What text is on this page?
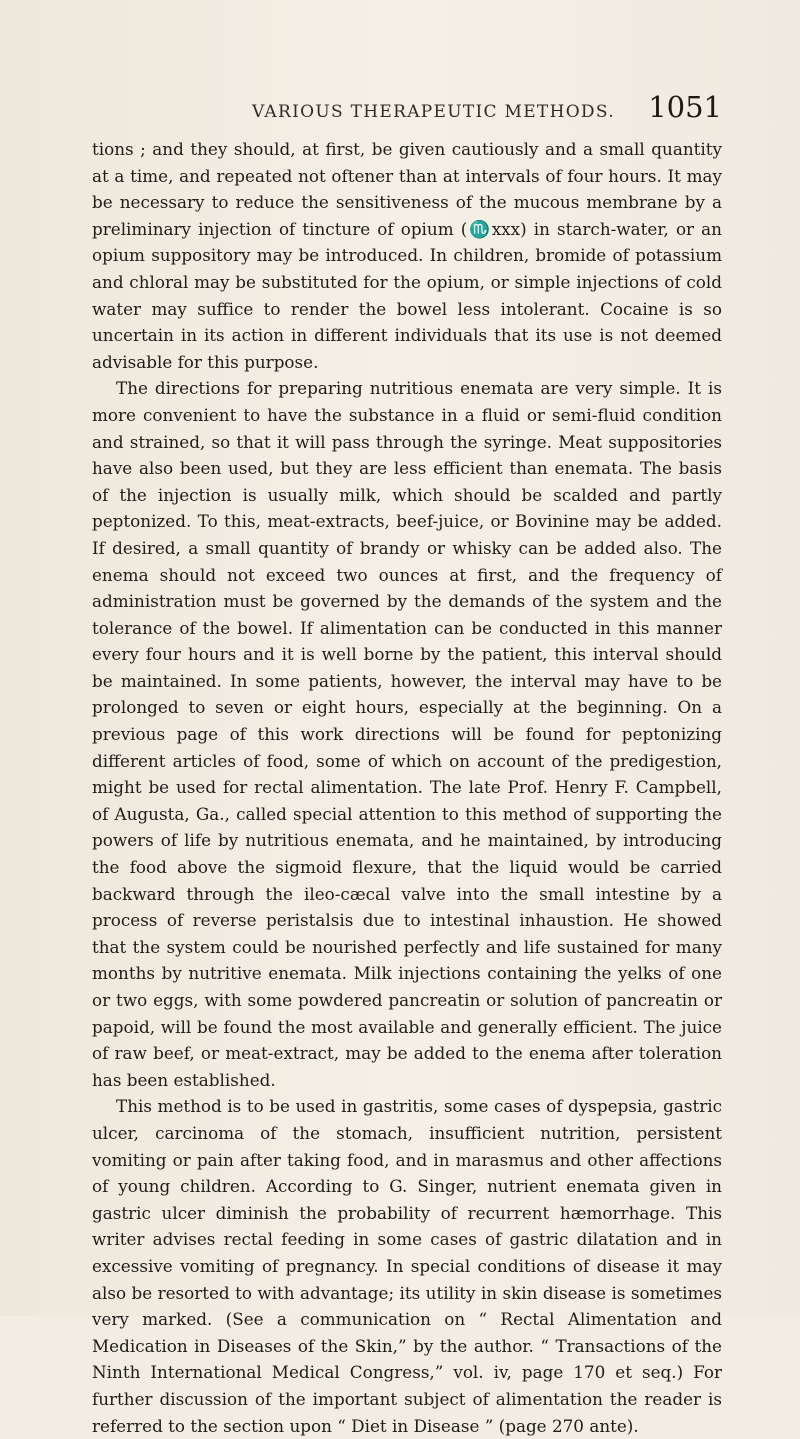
VARIOUS THERAPEUTIC METHODS. 1051

tions ; and they should, at first, be given cautiously and a small quantity at a time, and repeated not oftener than at intervals of four hours. It may be necessary to reduce the sensitiveness of the mucous membrane by a preliminary injection of tincture of opium (♏xxx) in starch-water, or an opium suppository may be introduced. In children, bromide of potassium and chloral may be substituted for the opium, or simple injections of cold water may suffice to render the bowel less intolerant. Cocaine is so uncertain in its action in different individuals that its use is not deemed advisable for this purpose.

The directions for preparing nutritious enemata are very simple. It is more convenient to have the substance in a fluid or semi-fluid condition and strained, so that it will pass through the syringe. Meat suppositories have also been used, but they are less efficient than enemata. The basis of the injection is usually milk, which should be scalded and partly peptonized. To this, meat-extracts, beef-juice, or Bovinine may be added. If desired, a small quantity of brandy or whisky can be added also. The enema should not exceed two ounces at first, and the frequency of administration must be governed by the demands of the system and the tolerance of the bowel. If alimentation can be conducted in this manner every four hours and it is well borne by the patient, this interval should be maintained. In some patients, however, the interval may have to be prolonged to seven or eight hours, especially at the beginning. On a previous page of this work directions will be found for peptonizing different articles of food, some of which on account of the predigestion, might be used for rectal alimentation. The late Prof. Henry F. Campbell, of Augusta, Ga., called special attention to this method of supporting the powers of life by nutritious enemata, and he maintained, by introducing the food above the sigmoid flexure, that the liquid would be carried backward through the ileo-cæcal valve into the small intestine by a process of reverse peristalsis due to intestinal inhaustion. He showed that the system could be nourished perfectly and life sustained for many months by nutritive enemata. Milk injections containing the yelks of one or two eggs, with some powdered pancreatin or solution of pancreatin or papoid, will be found the most available and generally efficient. The juice of raw beef, or meat-extract, may be added to the enema after toleration has been established.

This method is to be used in gastritis, some cases of dyspepsia, gastric ulcer, carcinoma of the stomach, insufficient nutrition, persistent vomiting or pain after taking food, and in marasmus and other affections of young children. According to G. Singer, nutrient enemata given in gastric ulcer diminish the probability of recurrent hæmorrhage. This writer advises rectal feeding in some cases of gastric dilatation and in excessive vomiting of pregnancy. In special conditions of disease it may also be resorted to with advantage; its utility in skin disease is sometimes very marked. (See a communication on “ Rectal Alimentation and Medication in Diseases of the Skin,” by the author. “ Transactions of the Ninth International Medical Congress,” vol. iv, page 170 et seq.) For further discussion of the important subject of alimentation the reader is referred to the section upon “ Diet in Disease ” (page 270 ante).
